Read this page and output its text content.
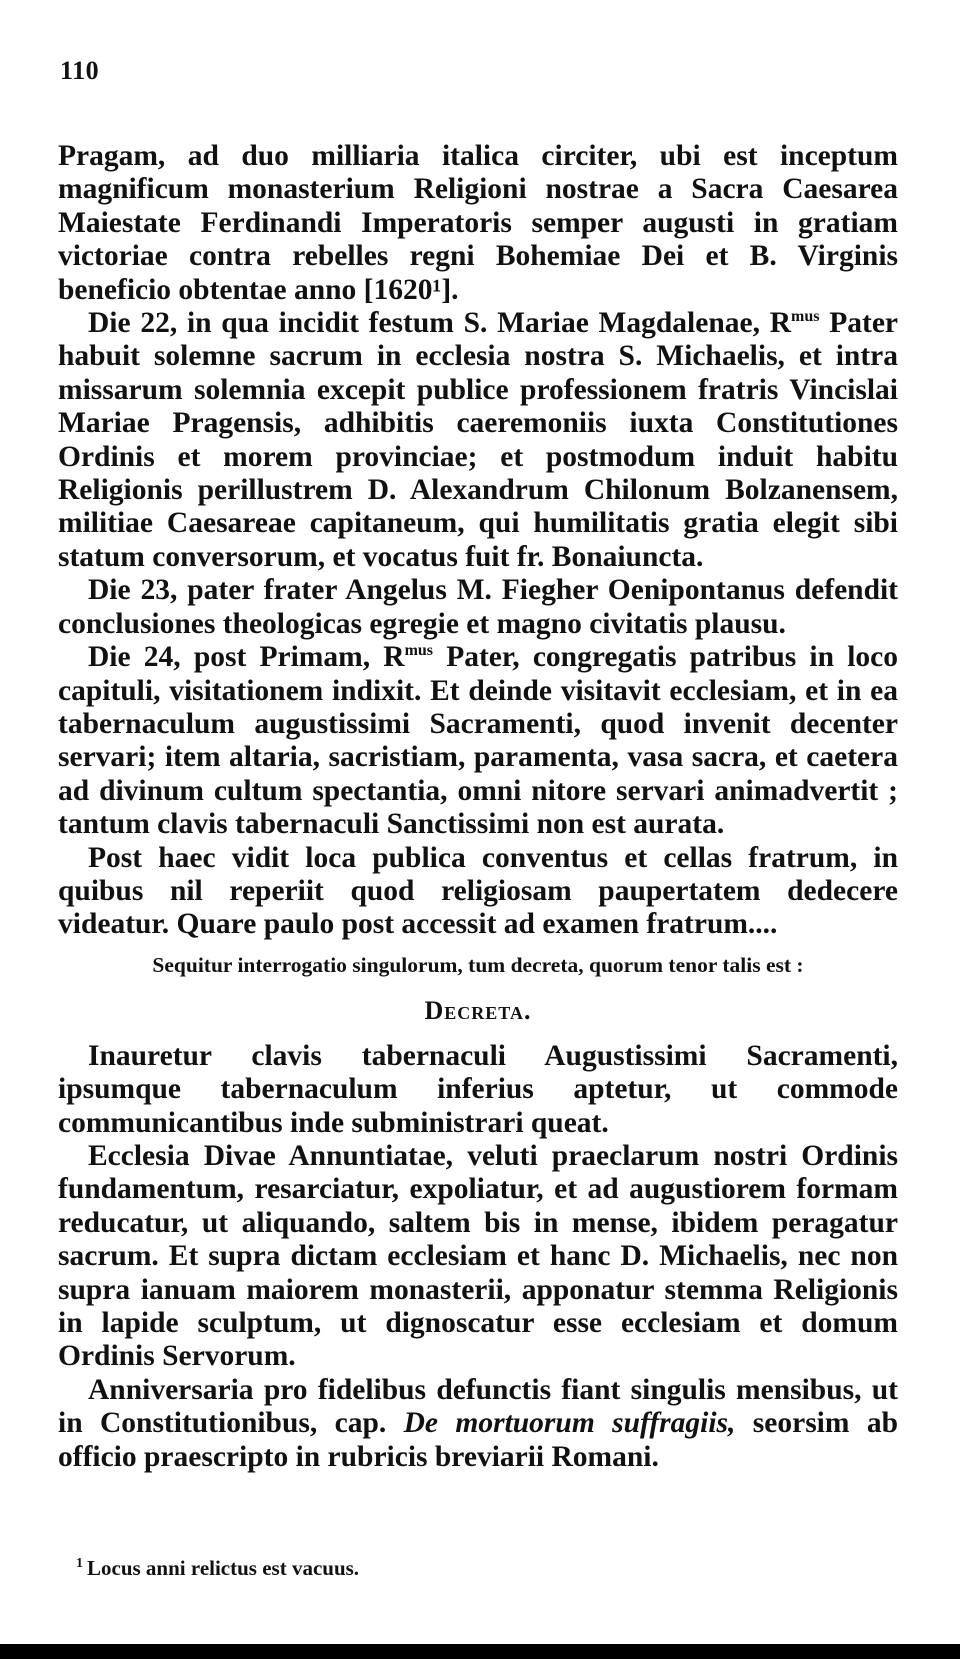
110

Pragam, ad duo milliaria italica circiter, ubi est inceptum magnificum monasterium Religioni nostrae a Sacra Caesarea Maiestate Ferdinandi Imperatoris semper augusti in gratiam victoriae contra rebelles regni Bohemiae Dei et B. Virginis beneficio obtentae anno [1620¹].

Die 22, in qua incidit festum S. Mariae Magdalenae, $R^{mus}$ Pater habuit solemne sacrum in ecclesia nostra S. Michaelis, et intra missarum solemnia excepit publice professionem fratris Vincislai Mariae Pragensis, adhibitis caeremoniis iuxta Constitutiones Ordinis et morem provinciae; et postmodum induit habitu Religionis perillustrem D. Alexandrum Chilonum Bolzanensem, militiae Caesareae capitaneum, qui humilitatis gratia elegit sibi statum conversorum, et vocatus fuit fr. Bonaiuncta.

Die 23, pater frater Angelus M. Fiegher Oenipontanus defendit conclusiones theologicas egregie et magno civitatis plausu.

Die 24, post Primam, $R^{mus}$ Pater, congregatis patribus in loco capituli, visitationem indixit. Et deinde visitavit ecclesiam, et in ea tabernaculum augustissimi Sacramenti, quod invenit decenter servari; item altaria, sacristiam, paramenta, vasa sacra, et caetera ad divinum cultum spectantia, omni nitore servari animadvertit ; tantum clavis tabernaculi Sanctissimi non est aurata.

Post haec vidit loca publica conventus et cellas fratrum, in quibus nil reperiit quod religiosam paupertatem dedecere videatur. Quare paulo post accessit ad examen fratrum....

Sequitur interrogatio singulorum, tum decreta, quorum tenor talis est :
Decreta.

Inauretur clavis tabernaculi Augustissimi Sacramenti, ipsumque tabernaculum inferius aptetur, ut commode communicantibus inde subministrari queat.

Ecclesia Divae Annuntiatae, veluti praeclarum nostri Ordinis fundamentum, resarciatur, expoliatur, et ad augustiorem formam reducatur, ut aliquando, saltem bis in mense, ibidem peragatur sacrum. Et supra dictam ecclesiam et hanc D. Michaelis, nec non supra ianuam maiorem monasterii, apponatur stemma Religionis in lapide sculptum, ut dignoscatur esse ecclesiam et domum Ordinis Servorum.

Anniversaria pro fidelibus defunctis fiant singulis mensibus, ut in Constitutionibus, cap. De mortuorum suffragiis, seorsim ab officio praescripto in rubricis breviarii Romani.

$^1$ Locus anni relictus est vacuus.
